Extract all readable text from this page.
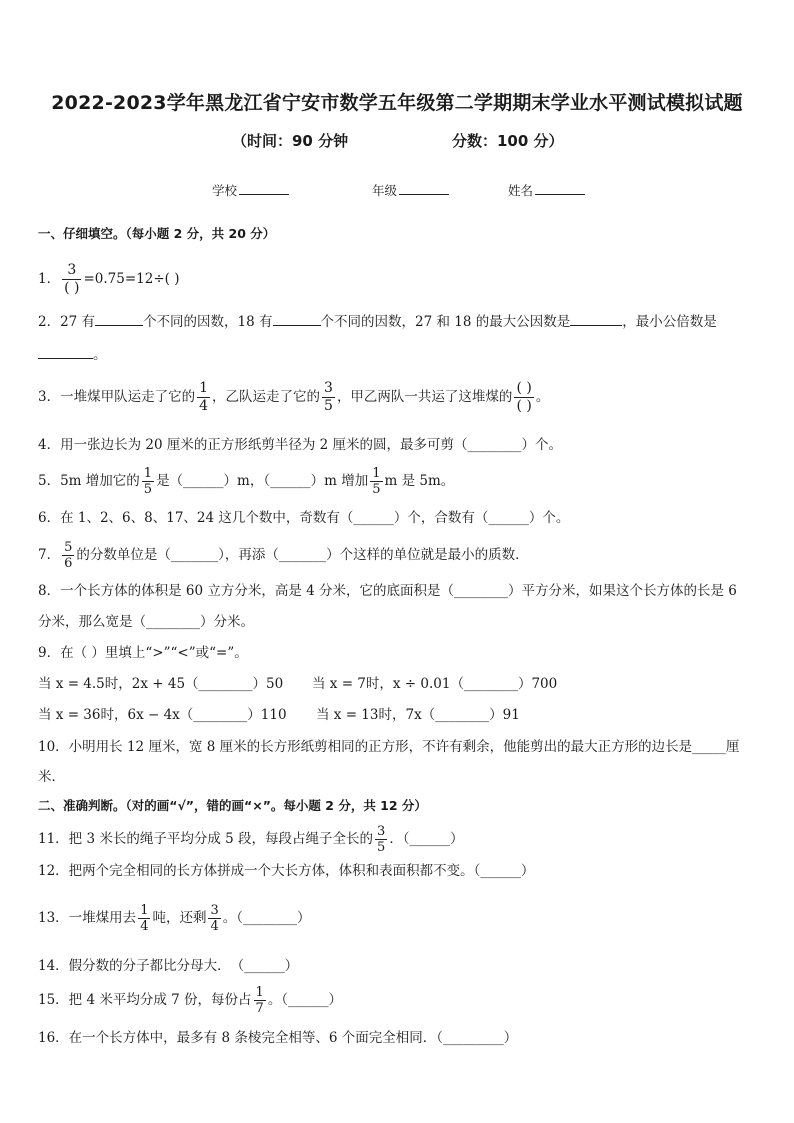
2022-2023学年黑龙江省宁安市数学五年级第二学期期末学业水平测试模拟试题
（时间：90 分钟	分数：100 分）
学校	年级	姓名
一、仔细填空。（每小题 2 分，共 20 分）
1． $\frac{3}{( )} =0.75=12\div$( )
2．27 有	个不同的因数，18 有	个不同的因数，27 和 18 的最大公因数是	，最小公倍数是
。
3．一堆煤甲队运走了它的 $\frac{1}{4}$ ，乙队运走了它的 $\frac{3}{5}$ ，甲乙两队一共运了这堆煤的 $\frac{( )}{( )}$ 。
4．用一张边长为 20 厘米的正方形纸剪半径为 2 厘米的圆，最多可剪（________）个。
5．5m 增加它的 $\frac{1}{5}$ 是（______）m，（______）m 增加 $\frac{1}{5}$ m 是 5m。
6．在 1、2、6、8、17、24 这几个数中，奇数有（______）个，合数有（______）个。
7． $\frac{5}{6}$ 的分数单位是（_______），再添（_______）个这样的单位就是最小的质数．
8．一个长方体的体积是 60 立方分米，高是 4 分米，它的底面积是（________）平方分米，如果这个长方体的长是 6
分米，那么宽是（________）分米。
9．在（ ）里填上“>”“<”或“=”。
当 x = 4.5时，2x + 45（________）50	当 x = 7时，x ÷ 0.01（________）700
当 x = 36时，6x − 4x（________）110	当 x = 13时，7x（________）91
10．小明用长 12 厘米，宽 8 厘米的长方形纸剪相同的正方形，不许有剩余，他能剪出的最大正方形的边长是_____厘
米．
二、准确判断。（对的画“√”，错的画“×”。每小题 2 分，共 12 分）
11．把 3 米长的绳子平均分成 5 段，每段占绳子全长的 $\frac{3}{5}$ ．（______）
12．把两个完全相同的长方体拼成一个大长方体，体积和表面积都不变。（______）
13．一堆煤用去 $\frac{1}{4}$ 吨，还剩 $\frac{3}{4}$ 。（________）
14．假分数的分子都比分母大．　（______）
15．把 4 米平均分成 7 份，每份占 $\frac{1}{7}$ 。（______）
16．在一个长方体中，最多有 8 条棱完全相等、6 个面完全相同．（_________）
